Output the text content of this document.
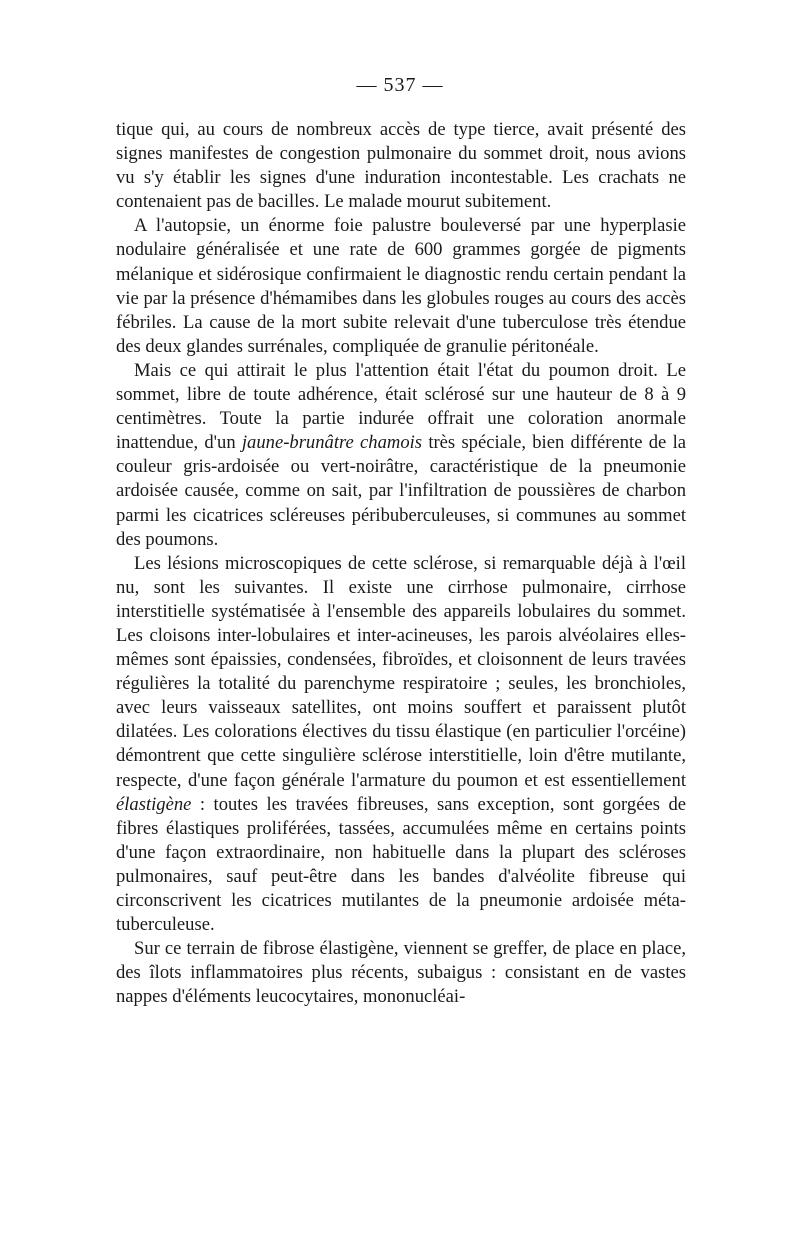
— 537 —

tique qui, au cours de nombreux accès de type tierce, avait présenté des signes manifestes de congestion pulmonaire du sommet droit, nous avions vu s'y établir les signes d'une induration incontestable. Les crachats ne contenaient pas de bacilles. Le malade mourut subitement.

A l'autopsie, un énorme foie palustre bouleversé par une hyperplasie nodulaire généralisée et une rate de 600 grammes gorgée de pigments mélanique et sidérosique confirmaient le diagnostic rendu certain pendant la vie par la présence d'hémamibes dans les globules rouges au cours des accès fébriles. La cause de la mort subite relevait d'une tuberculose très étendue des deux glandes surrénales, compliquée de granulie péritonéale.

Mais ce qui attirait le plus l'attention était l'état du poumon droit. Le sommet, libre de toute adhérence, était sclérosé sur une hauteur de 8 à 9 centimètres. Toute la partie indurée offrait une coloration anormale inattendue, d'un jaune-brunâtre chamois très spéciale, bien différente de la couleur gris-ardoisée ou vert-noirâtre, caractéristique de la pneumonie ardoisée causée, comme on sait, par l'infiltration de poussières de charbon parmi les cicatrices scléreuses péribuberculeuses, si communes au sommet des poumons.

Les lésions microscopiques de cette sclérose, si remarquable déjà à l'œil nu, sont les suivantes. Il existe une cirrhose pulmonaire, cirrhose interstitielle systématisée à l'ensemble des appareils lobulaires du sommet. Les cloisons inter-lobulaires et inter-acineuses, les parois alvéolaires elles-mêmes sont épaissies, condensées, fibroïdes, et cloisonnent de leurs travées régulières la totalité du parenchyme respiratoire ; seules, les bronchioles, avec leurs vaisseaux satellites, ont moins souffert et paraissent plutôt dilatées. Les colorations électives du tissu élastique (en particulier l'orcéine) démontrent que cette singulière sclérose interstitielle, loin d'être mutilante, respecte, d'une façon générale l'armature du poumon et est essentiellement élastigène : toutes les travées fibreuses, sans exception, sont gorgées de fibres élastiques proliférées, tassées, accumulées même en certains points d'une façon extraordinaire, non habituelle dans la plupart des scléroses pulmonaires, sauf peut-être dans les bandes d'alvéolite fibreuse qui circonscrivent les cicatrices mutilantes de la pneumonie ardoisée méta-tuberculeuse.

Sur ce terrain de fibrose élastigène, viennent se greffer, de place en place, des îlots inflammatoires plus récents, subaigus : consistant en de vastes nappes d'éléments leucocytaires, mononucléai-
